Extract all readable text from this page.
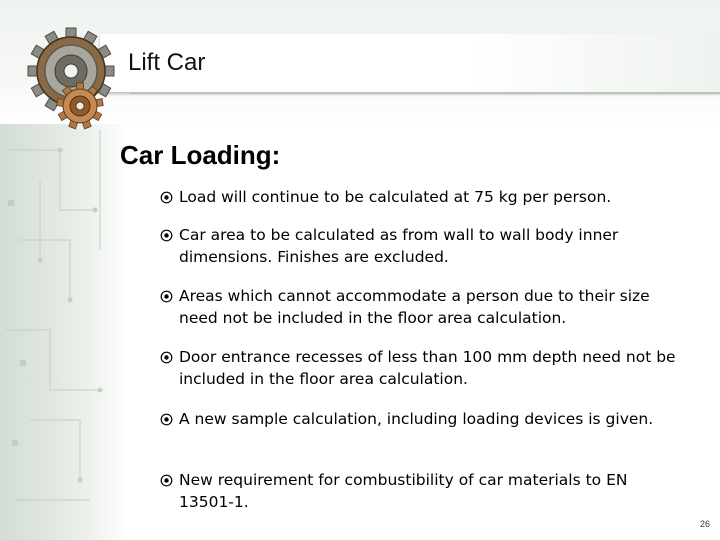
Lift Car
Car Loading:
Load will continue to be calculated at 75 kg per person.
Car area to be calculated as from wall to wall body inner dimensions. Finishes are excluded.
Areas which cannot accommodate a person due to their size need not be included in the floor area calculation.
Door entrance recesses of less than 100 mm depth need not be included in the floor area calculation.
A new sample calculation, including loading devices is given.
New requirement for combustibility of car materials to EN 13501-1.
26
